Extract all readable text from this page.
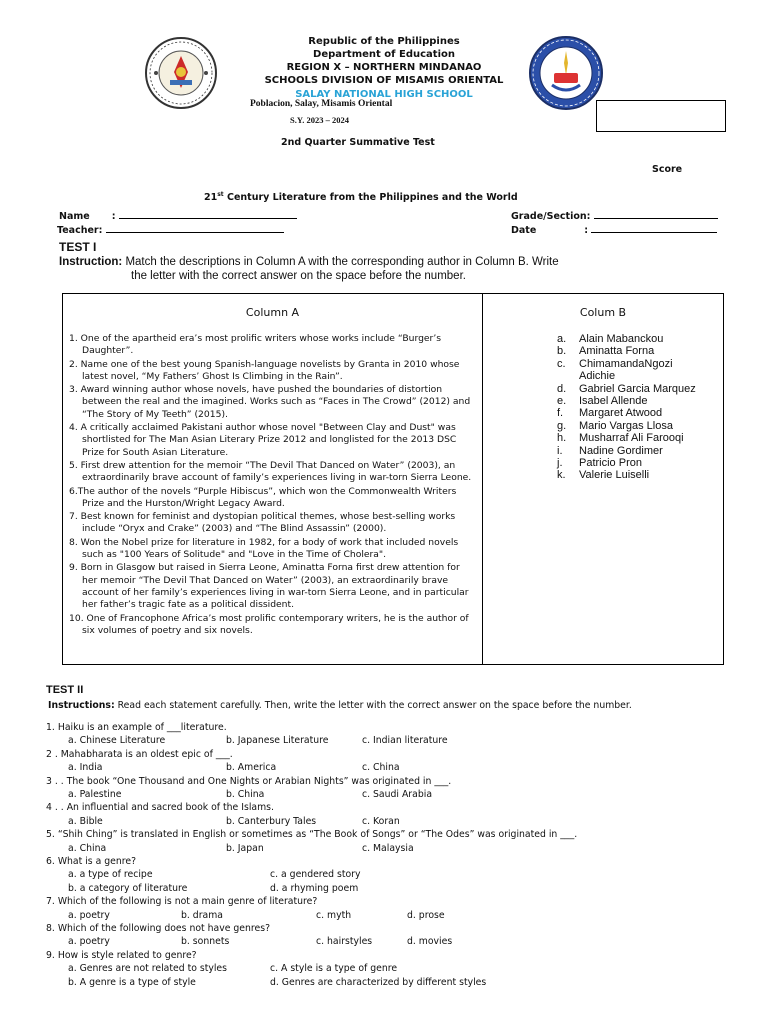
Republic of the Philippines
Department of Education
REGION X – NORTHERN MINDANAO
SCHOOLS DIVISION OF MISAMIS ORIENTAL
SALAY NATIONAL HIGH SCHOOL
Poblacion, Salay, Misamis Oriental
S.Y. 2023 – 2024
2nd Quarter Summative Test
Score
21st Century Literature from the Philippines and the World
Name :
Teacher:
Grade/Section:
Date	:
TEST I
Instruction: Match the descriptions in Column A with the corresponding author in Column B. Write
the letter with the correct answer on the space before the number.
Column A
1. One of the apartheid era’s most prolific writers whose works include “Burger’s Daughter”.
2. Name one of the best young Spanish-language novelists by Granta in 2010 whose latest novel, “My Fathers’ Ghost Is Climbing in the Rain”.
3. Award winning author whose novels, have pushed the boundaries of distortion between the real and the imagined. Works such as “Faces in The Crowd” (2012) and “The Story of My Teeth” (2015).
4. A critically acclaimed Pakistani author whose novel "Between Clay and Dust" was shortlisted for The Man Asian Literary Prize 2012 and longlisted for the 2013 DSC Prize for South Asian Literature.
5. First drew attention for the memoir “The Devil That Danced on Water” (2003), an extraordinarily brave account of family’s experiences living in war-torn Sierra Leone.
6.The author of the novels “Purple Hibiscus”, which won the Commonwealth Writers Prize and the Hurston/Wright Legacy Award.
7. Best known for feminist and dystopian political themes, whose best-selling works include “Oryx and Crake” (2003) and “The Blind Assassin” (2000).
8. Won the Nobel prize for literature in 1982, for a body of work that included novels such as "100 Years of Solitude" and "Love in the Time of Cholera".
9. Born in Glasgow but raised in Sierra Leone, Aminatta Forna first drew attention for her memoir “The Devil That Danced on Water” (2003), an extraordinarily brave account of her family’s experiences living in war-torn Sierra Leone, and in particular her father’s tragic fate as a political dissident.
10. One of Francophone Africa’s most prolific contemporary writers, he is the author of six volumes of poetry and six novels.

Colum B
a.	Alain Mabanckou
b.	Aminatta Forna
c.	ChimamandaNgozi
Adichie
d.	Gabriel Garcia Marquez
e.	Isabel Allende
f.	Margaret Atwood
g.	Mario Vargas Llosa
h.	Musharraf Ali Farooqi
i.	Nadine Gordimer
j.	Patricio Pron
k.	Valerie Luiselli
TEST II
Instructions: Read each statement carefully. Then, write the letter with the correct answer on the space before the number.
1. Haiku is an example of ___literature.
a. Chinese Literature	b. Japanese Literature	c. Indian literature
2 . Mahabharata is an oldest epic of ___.
a. India	b. America	c. China
3 . . The book “One Thousand and One Nights or Arabian Nights” was originated in ___.
a. Palestine	b. China	c. Saudi Arabia
4 . . An influential and sacred book of the Islams.
a. Bible	b. Canterbury Tales	c. Koran
5. “Shih Ching” is translated in English or sometimes as “The Book of Songs” or “The Odes” was originated in ___.
a. China	b. Japan	c. Malaysia
6. What is a genre?
a. a type of recipe	c. a gendered story
b. a category of literature	d. a rhyming poem
7. Which of the following is not a main genre of literature?
a. poetry	b. drama	c. myth	d. prose
8. Which of the following does not have genres?
a. poetry	b. sonnets	c. hairstyles	d. movies
9. How is style related to genre?
a. Genres are not related to styles	c. A style is a type of genre
b. A genre is a type of style	d. Genres are characterized by different styles
